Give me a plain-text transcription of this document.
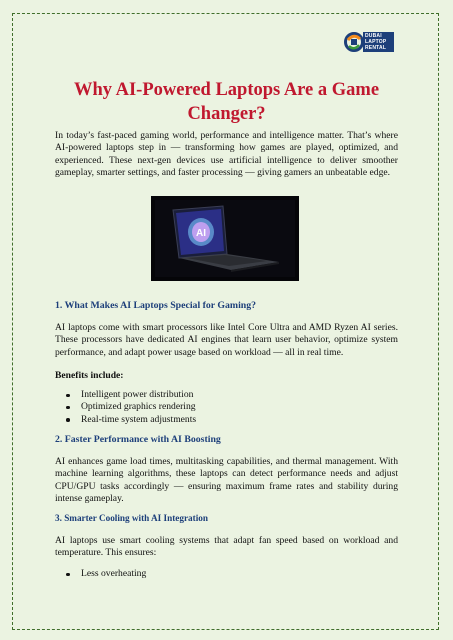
DUBAI
LAPTOP
RENTAL
Why AI-Powered Laptops Are a Game Changer?

In today’s fast-paced gaming world, performance and intelligence matter. That’s where AI-powered laptops step in — transforming how games are played, optimized, and experienced. These next-gen devices use artificial intelligence to deliver smoother gameplay, smarter settings, and faster processing — giving gamers an unbeatable edge.

AI
1. What Makes AI Laptops Special for Gaming?

AI laptops come with smart processors like Intel Core Ultra and AMD Ryzen AI series. These processors have dedicated AI engines that learn user behavior, optimize system performance, and adapt power usage based on workload — all in real time.

Benefits include:

Intelligent power distribution
Optimized graphics rendering
Real-time system adjustments
2. Faster Performance with AI Boosting

AI enhances game load times, multitasking capabilities, and thermal management. With machine learning algorithms, these laptops can detect performance needs and adjust CPU/GPU tasks accordingly — ensuring maximum frame rates and stability during intense gameplay.

3. Smarter Cooling with AI Integration

AI laptops use smart cooling systems that adapt fan speed based on workload and temperature. This ensures:

Less overheating
